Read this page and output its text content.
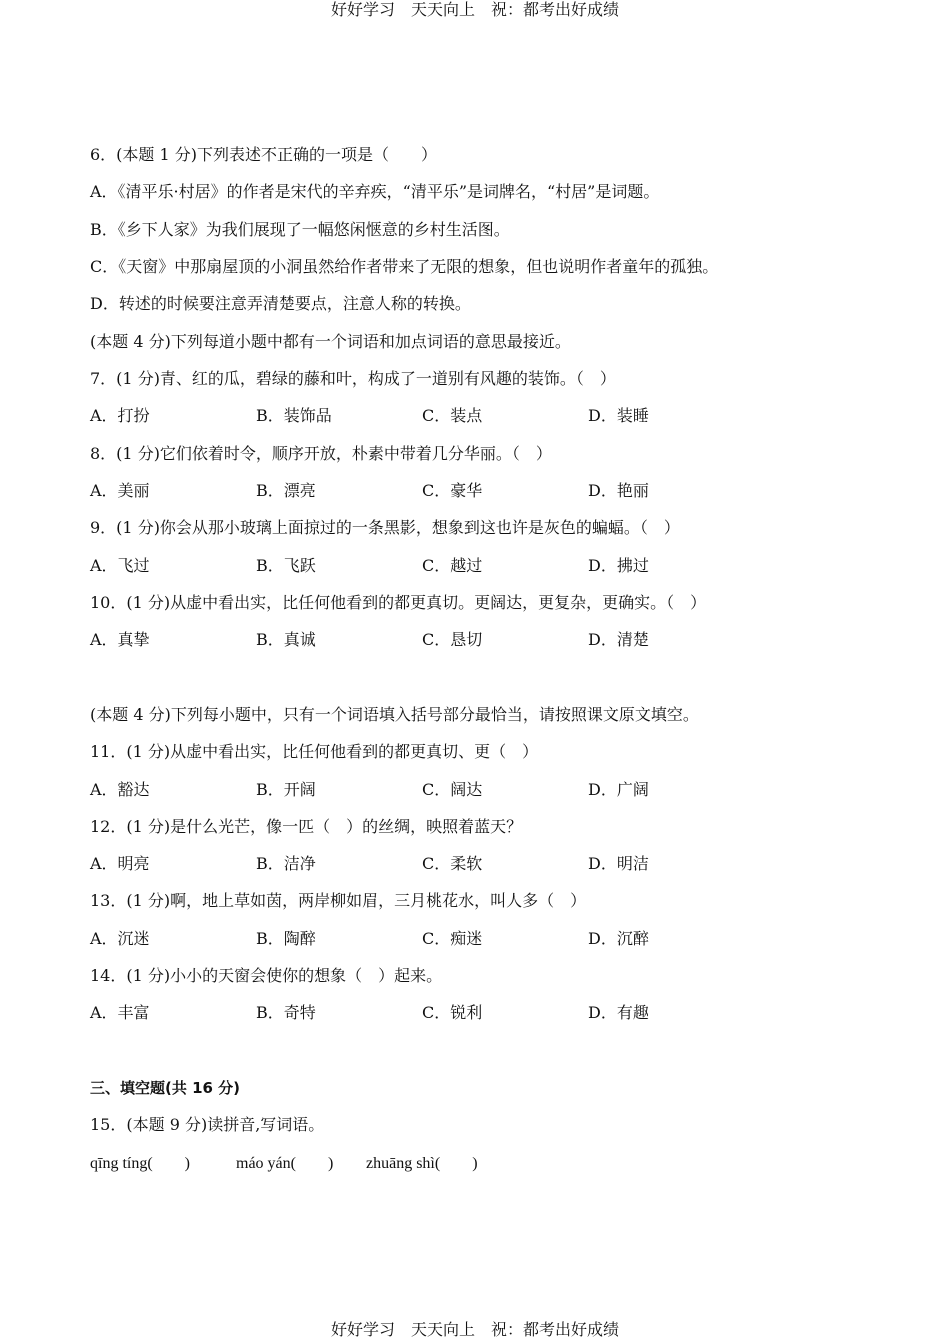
好好学习　天天向上　祝：都考出好成绩
6．(本题 1 分)下列表述不正确的一项是（　　）
A．《清平乐·村居》的作者是宋代的辛弃疾，“清平乐”是词牌名，“村居”是词题。
B．《乡下人家》为我们展现了一幅悠闲惬意的乡村生活图。
C．《天窗》中那扇屋顶的小洞虽然给作者带来了无限的想象，但也说明作者童年的孤独。
D．转述的时候要注意弄清楚要点，注意人称的转换。
(本题 4 分)下列每道小题中都有一个词语和加点词语的意思最接近。
7．(1 分)青、红的瓜，碧绿的藤和叶，构成了一道别有风趣的装饰。（　）
A．打扮	B．装饰品	C．装点	D．装睡
8．(1 分)它们依着时令，顺序开放，朴素中带着几分华丽。（　）
A．美丽	B．漂亮	C．豪华	D．艳丽
9．(1 分)你会从那小玻璃上面掠过的一条黑影，想象到这也许是灰色的蝙蝠。（　）
A．飞过	B．飞跃	C．越过	D．拂过
10．(1 分)从虚中看出实，比任何他看到的都更真切。更阔达，更复杂，更确实。（　）
A．真挚	B．真诚	C．恳切	D．清楚
(本题 4 分)下列每小题中，只有一个词语填入括号部分最恰当，请按照课文原文填空。
11．(1 分)从虚中看出实，比任何他看到的都更真切、更（　）
A．豁达	B．开阔	C．阔达	D．广阔
12．(1 分)是什么光芒，像一匹（　）的丝绸，映照着蓝天？
A．明亮	B．洁净	C．柔软	D．明洁
13．(1 分)啊，地上草如茵，两岸柳如眉，三月桃花水，叫人多（　）
A．沉迷	B．陶醉	C．痴迷	D．沉醉
14．(1 分)小小的天窗会使你的想象（　）起来。
A．丰富	B．奇特	C．锐利	D．有趣
三、填空题(共 16 分)
15．(本题 9 分)读拼音,写词语。
qīng tíng(　　)	máo yán(　　) zhuāng shì(　　)
好好学习　天天向上　祝：都考出好成绩
